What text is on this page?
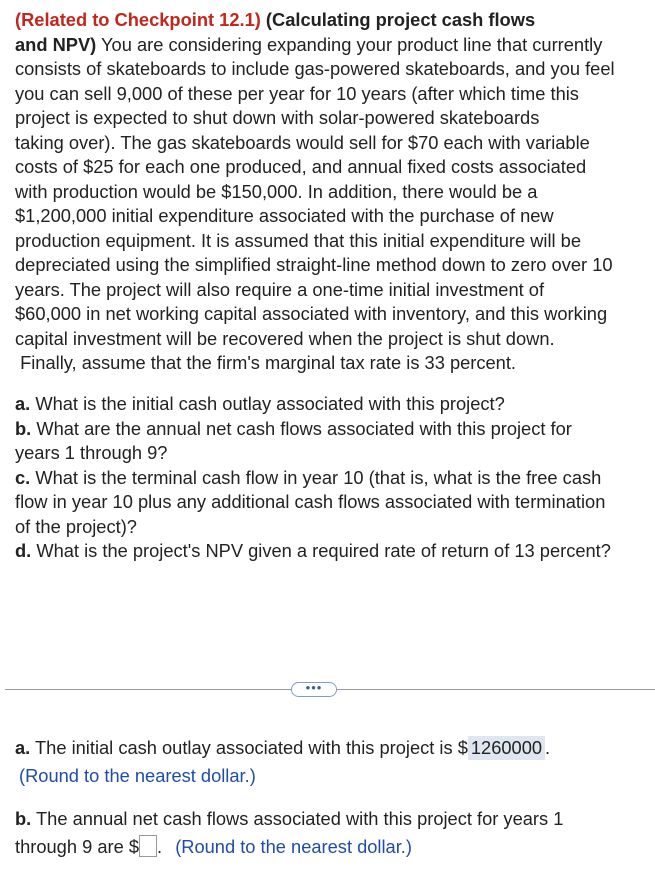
(Related to Checkpoint 12.1) (Calculating project cash flows

and NPV) You are considering expanding your product line that currently

consists of skateboards to include gas-powered skateboards, and you feel

you can sell 9,000 of these per year for 10 years (after which time this

project is expected to shut down with solar-powered skateboards

taking over). The gas skateboards would sell for $70 each with variable

costs of $25 for each one produced, and annual fixed costs associated

with production would be $150,000. In addition, there would be a

$1,200,000 initial expenditure associated with the purchase of new

production equipment. It is assumed that this initial expenditure will be

depreciated using the simplified straight-line method down to zero over 10

years. The project will also require a one-time initial investment of

$60,000 in net working capital associated with inventory, and this working

capital investment will be recovered when the project is shut down.

Finally, assume that the firm's marginal tax rate is 33 percent.

a. What is the initial cash outlay associated with this project?

b. What are the annual net cash flows associated with this project for

years 1 through 9?

c. What is the terminal cash flow in year 10 (that is, what is the free cash

flow in year 10 plus any additional cash flows associated with termination

of the project)?

d. What is the project's NPV given a required rate of return of 13 percent?

•••

a. The initial cash outlay associated with this project is $ 1260000 .

(Round to the nearest dollar.)

b. The annual net cash flows associated with this project for years 1

through 9 are $ . (Round to the nearest dollar.)
